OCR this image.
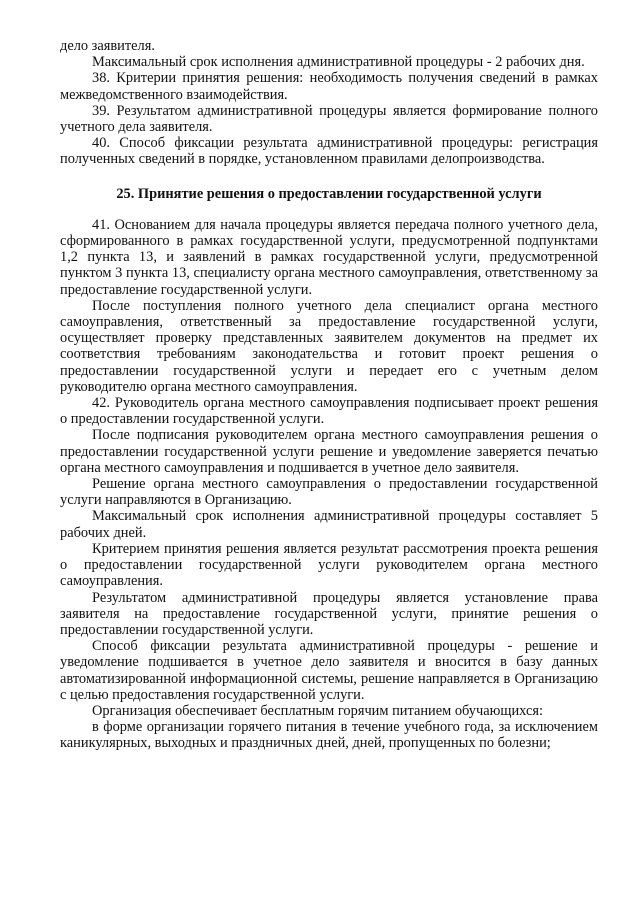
дело заявителя.

Максимальный срок исполнения административной процедуры - 2 рабочих дня.

38. Критерии принятия решения: необходимость получения сведений в рамках межведомственного взаимодействия.

39. Результатом административной процедуры является формирование полного учетного дела заявителя.

40. Способ фиксации результата административной процедуры: регистрация полученных сведений в порядке, установленном правилами делопроизводства.

25. Принятие решения о предоставлении государственной услуги

41. Основанием для начала процедуры является передача полного учетного дела, сформированного в рамках государственной услуги, предусмотренной подпунктами 1,2 пункта 13, и заявлений в рамках государственной услуги, предусмотренной пунктом 3 пункта 13, специалисту органа местного самоуправления, ответственному за предоставление государственной услуги.

После поступления полного учетного дела специалист органа местного самоуправления, ответственный за предоставление государственной услуги, осуществляет проверку представленных заявителем документов на предмет их соответствия требованиям законодательства и готовит проект решения о предоставлении государственной услуги и передает его с учетным делом руководителю органа местного самоуправления.

42. Руководитель органа местного самоуправления подписывает проект решения о предоставлении государственной услуги.

После подписания руководителем органа местного самоуправления решения о предоставлении государственной услуги решение и уведомление заверяется печатью органа местного самоуправления и подшивается в учетное дело заявителя.

Решение органа местного самоуправления о предоставлении государственной услуги направляются в Организацию.

Максимальный срок исполнения административной процедуры составляет 5 рабочих дней.

Критерием принятия решения является результат рассмотрения проекта решения о предоставлении государственной услуги руководителем органа местного самоуправления.

Результатом административной процедуры является установление права заявителя на предоставление государственной услуги, принятие решения о предоставлении государственной услуги.

Способ фиксации результата административной процедуры - решение и уведомление подшивается в учетное дело заявителя и вносится в базу данных автоматизированной информационной системы, решение направляется в Организацию с целью предоставления государственной услуги.

Организация обеспечивает бесплатным горячим питанием обучающихся:

в форме организации горячего питания в течение учебного года, за исключением каникулярных, выходных и праздничных дней, дней, пропущенных по болезни;
